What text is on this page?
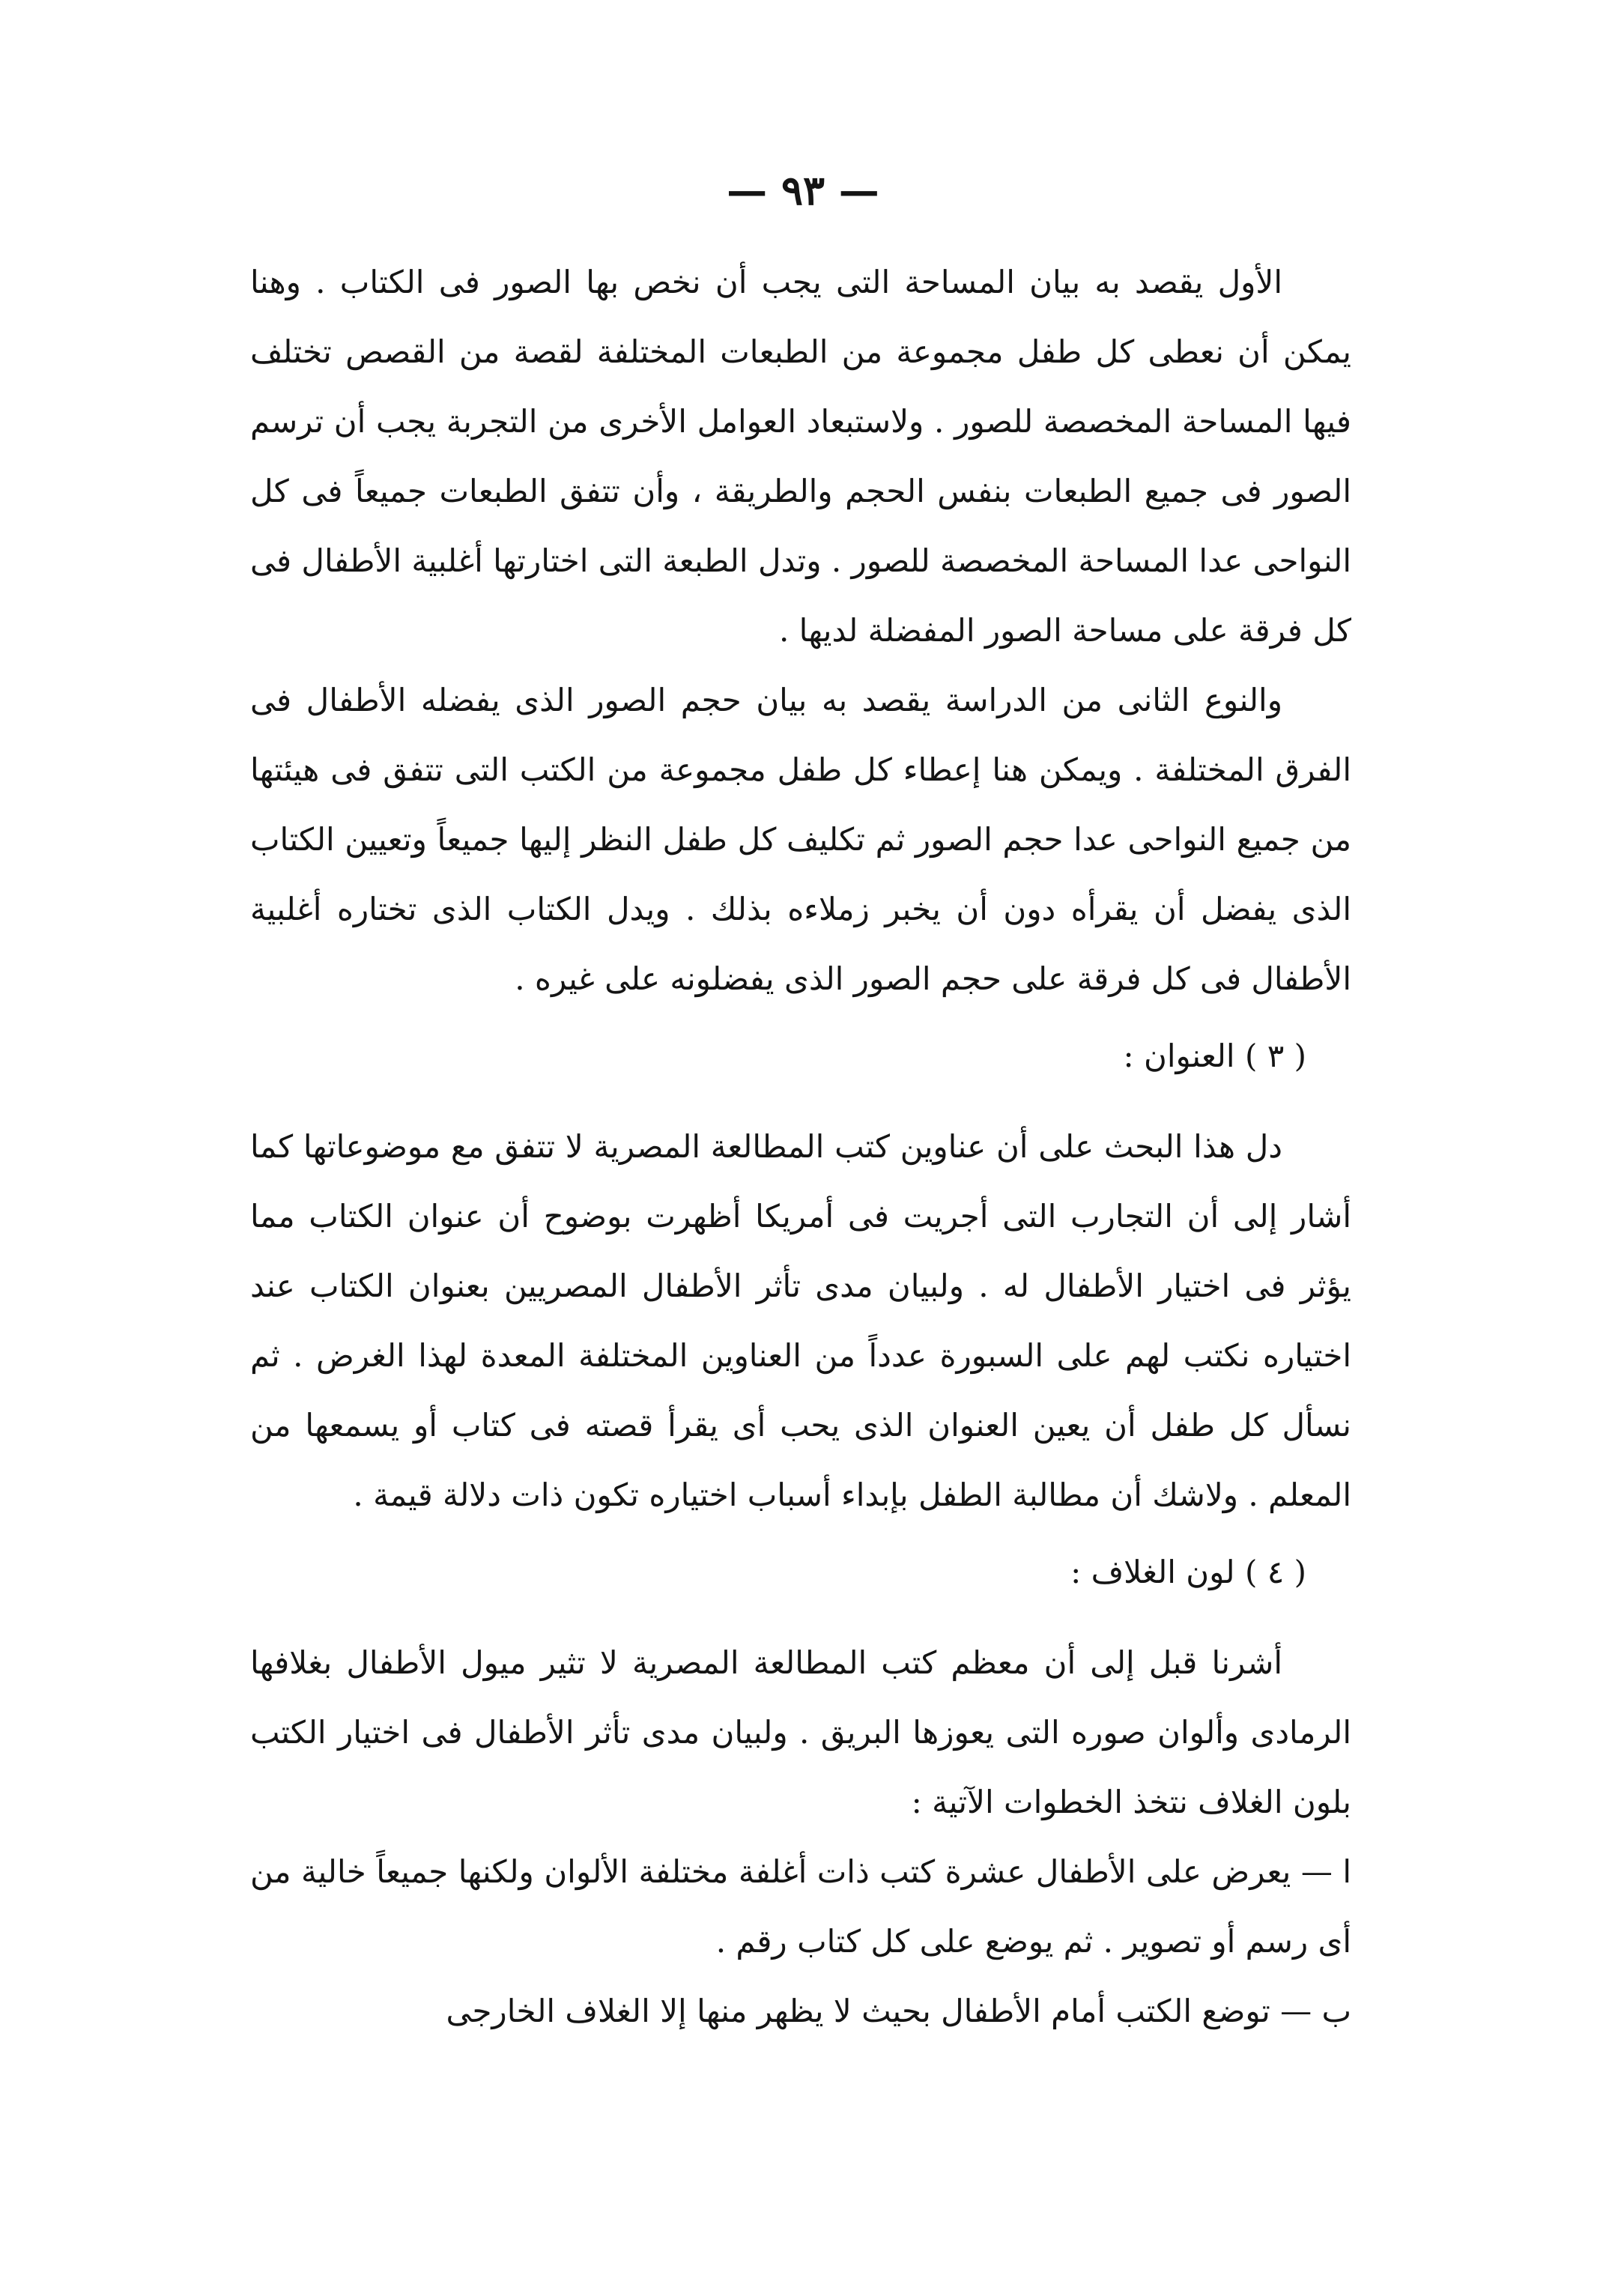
— ٩٣ —

الأول يقصد به بيان المساحة التى يجب أن نخص بها الصور فى الكتاب . وهنا يمكن أن نعطى كل طفل مجموعة من الطبعات المختلفة لقصة من القصص تختلف فيها المساحة المخصصة للصور . ولاستبعاد العوامل الأخرى من التجربة يجب أن ترسم الصور فى جميع الطبعات بنفس الحجم والطريقة ، وأن تتفق الطبعات جميعاً فى كل النواحى عدا المساحة المخصصة للصور . وتدل الطبعة التى اختارتها أغلبية الأطفال فى كل فرقة على مساحة الصور المفضلة لديها .

والنوع الثانى من الدراسة يقصد به بيان حجم الصور الذى يفضله الأطفال فى الفرق المختلفة . ويمكن هنا إعطاء كل طفل مجموعة من الكتب التى تتفق فى هيئتها من جميع النواحى عدا حجم الصور ثم تكليف كل طفل النظر إليها جميعاً وتعيين الكتاب الذى يفضل أن يقرأه دون أن يخبر زملاءه بذلك . ويدل الكتاب الذى تختاره أغلبية الأطفال فى كل فرقة على حجم الصور الذى يفضلونه على غيره .

( ٣ ) العنوان :

دل هذا البحث على أن عناوين كتب المطالعة المصرية لا تتفق مع موضوعاتها كما أشار إلى أن التجارب التى أجريت فى أمريكا أظهرت بوضوح أن عنوان الكتاب مما يؤثر فى اختيار الأطفال له . ولبيان مدى تأثر الأطفال المصريين بعنوان الكتاب عند اختياره نكتب لهم على السبورة عدداً من العناوين المختلفة المعدة لهذا الغرض . ثم نسأل كل طفل أن يعين العنوان الذى يحب أى يقرأ قصته فى كتاب أو يسمعها من المعلم . ولاشك أن مطالبة الطفل بإبداء أسباب اختياره تكون ذات دلالة قيمة .

( ٤ ) لون الغلاف :

أشرنا قبل إلى أن معظم كتب المطالعة المصرية لا تثير ميول الأطفال بغلافها الرمادى وألوان صوره التى يعوزها البريق . ولبيان مدى تأثر الأطفال فى اختيار الكتب بلون الغلاف نتخذ الخطوات الآتية :

ا — يعرض على الأطفال عشرة كتب ذات أغلفة مختلفة الألوان ولكنها جميعاً خالية من أى رسم أو تصوير . ثم يوضع على كل كتاب رقم .

ب — توضع الكتب أمام الأطفال بحيث لا يظهر منها إلا الغلاف الخارجى
